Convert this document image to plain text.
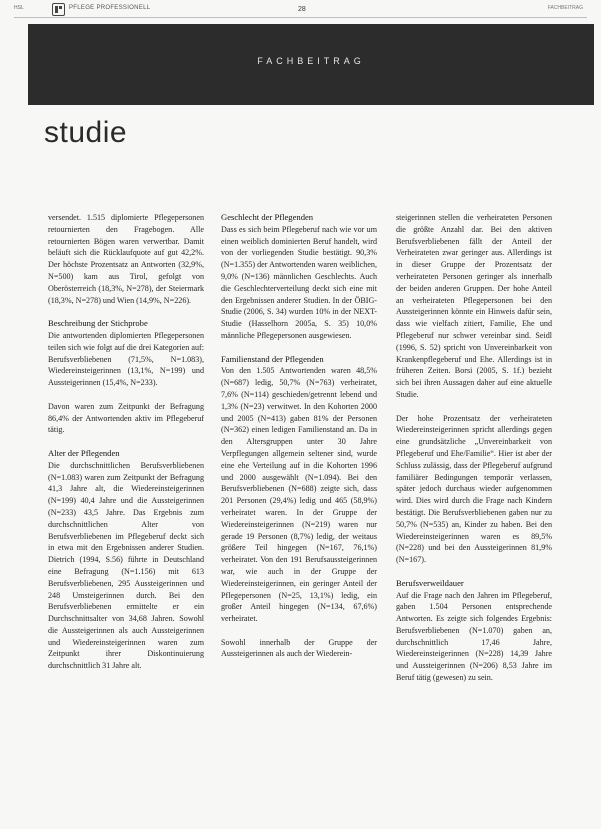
HSL	PFLEGE PROFESSIONELL	28	FACHBEITRAG
FACHBEITRAG
studie

versendet. 1.515 diplomierte Pflegepersonen retournierten den Fragebogen. Alle retournierten Bögen waren verwertbar. Damit beläuft sich die Rücklaufquote auf gut 42,2%. Der höchste Prozentsatz an Antworten (32,9%, N=500) kam aus Tirol, gefolgt von Oberösterreich (18,3%, N=278), der Steiermark (18,3%, N=278) und Wien (14,9%, N=226).

Beschreibung der Stichprobe

Die antwortenden diplomierten Pflegepersonen teilen sich wie folgt auf die drei Kategorien auf: Berufsverbliebenen (71,5%, N=1.083), Wiedereinsteigerinnen (13,1%, N=199) und Aussteigerinnen (15,4%, N=233).

Davon waren zum Zeitpunkt der Befragung 86,4% der Antwortenden aktiv im Pflegeberuf tätig.

Alter der Pflegenden

Die durchschnittlichen Berufsverbliebenen (N=1.083) waren zum Zeitpunkt der Befragung 41,3 Jahre alt, die Wiedereinsteigerinnen (N=199) 40,4 Jahre und die Aussteigerinnen (N=233) 43,5 Jahre. Das Ergebnis zum durchschnittlichen Alter von Berufsverbliebenen im Pflegeberuf deckt sich in etwa mit den Ergebnissen anderer Studien. Dietrich (1994, S.56) führte in Deutschland eine Befragung (N=1.156) mit 613 Berufsverbliebenen, 295 Aussteigerinnen und 248 Umsteigerinnen durch. Bei den Berufsverbliebenen ermittelte er ein Durchschnittsalter von 34,68 Jahren. Sowohl die Aussteigerinnen als auch Aussteigerinnen und Wiedereinsteigerinnen waren zum Zeitpunkt ihrer Diskontinuierung durchschnittlich 31 Jahre alt.

Geschlecht der Pflegenden

Dass es sich beim Pflegeberuf nach wie vor um einen weiblich dominierten Beruf handelt, wird von der vorliegenden Studie bestätigt. 90,3% (N=1.355) der Antwortenden waren weiblichen, 9,0% (N=136) männlichen Geschlechts. Auch die Geschlechterverteilung deckt sich eine mit den Ergebnissen anderer Studien. In der ÖBIG-Studie (2006, S. 34) wurden 10% in der NEXT-Studie (Hasselhorn 2005a, S. 35) 10,0% männliche Pflegepersonen ausgewiesen.

Familienstand der Pflegenden

Von den 1.505 Antwortenden waren 48,5% (N=687) ledig, 50,7% (N=763) verheiratet, 7,6% (N=114) geschieden/getrennt lebend und 1,3% (N=23) verwitwet. In den Kohorten 2000 und 2005 (N=413) gaben 81% der Personen (N=362) einen ledigen Familienstand an. Da in den Altersgruppen unter 30 Jahre Verpflegungen allgemein seltener sind, wurde eine ehe Verteilung auf in die Kohorten 1996 und 2000 ausgewählt (N=1.094). Bei den Berufsverbliebenen (N=688) zeigte sich, dass 201 Personen (29,4%) ledig und 465 (58,9%) verheiratet waren. In der Gruppe der Wiedereinsteigerinnen (N=219) waren nur gerade 19 Personen (8,7%) ledig, der weitaus größere Teil hingegen (N=167, 76,1%) verheiratet. Von den 191 Berufsaussteigerinnen war, wie auch in der Gruppe der Wiedereinsteigerinnen, ein geringer Anteil der Pflegepersonen (N=25, 13,1%) ledig, ein großer Anteil hingegen (N=134, 67,6%) verheiratet.

Sowohl innerhalb der Gruppe der Aussteigerinnen als auch der Wiederein-

steigerinnen stellen die verheirateten Personen die größte Anzahl dar. Bei den aktiven Berufsverbliebenen fällt der Anteil der Verheirateten zwar geringer aus. Allerdings ist in dieser Gruppe der Prozentsatz der verheirateten Personen geringer als innerhalb der beiden anderen Gruppen. Der hohe Anteil an verheirateten Pflegepersonen bei den Aussteigerinnen könnte ein Hinweis dafür sein, dass wie vielfach zitiert, Familie, Ehe und Pflegeberuf nur schwer vereinbar sind. Seidl (1996, S. 52) spricht von Unvereinbarkeit von Krankenpflegeberuf und Ehe. Allerdings ist in früheren Zeiten. Borsi (2005, S. 1f.) bezieht sich bei ihren Aussagen daher auf eine aktuelle Studie.

Der hohe Prozentsatz der verheirateten Wiedereinsteigerinnen spricht allerdings gegen eine grundsätzliche „Unvereinbarkeit von Pflegeberuf und Ehe/Familie“. Hier ist aber der Schluss zulässig, dass der Pflegeberuf aufgrund familiärer Bedingungen temporär verlassen, später jedoch durchaus wieder aufgenommen wird. Dies wird durch die Frage nach Kindern bestätigt. Die Berufsverbliebenen gaben nur zu 50,7% (N=535) an, Kinder zu haben. Bei den Wiedereinsteigerinnen waren es 89,5% (N=228) und bei den Aussteigerinnen 81,9% (N=167).

Berufsverweildauer

Auf die Frage nach den Jahren im Pflegeberuf, gaben 1.504 Personen entsprechende Antworten. Es zeigte sich folgendes Ergebnis: Berufsverbliebenen (N=1.070) gaben an, durchschnittlich 17,46 Jahre, Wiedereinsteigerinnen (N=228) 14,39 Jahre und Aussteigerinnen (N=206) 8,53 Jahre im Beruf tätig (gewesen) zu sein.
